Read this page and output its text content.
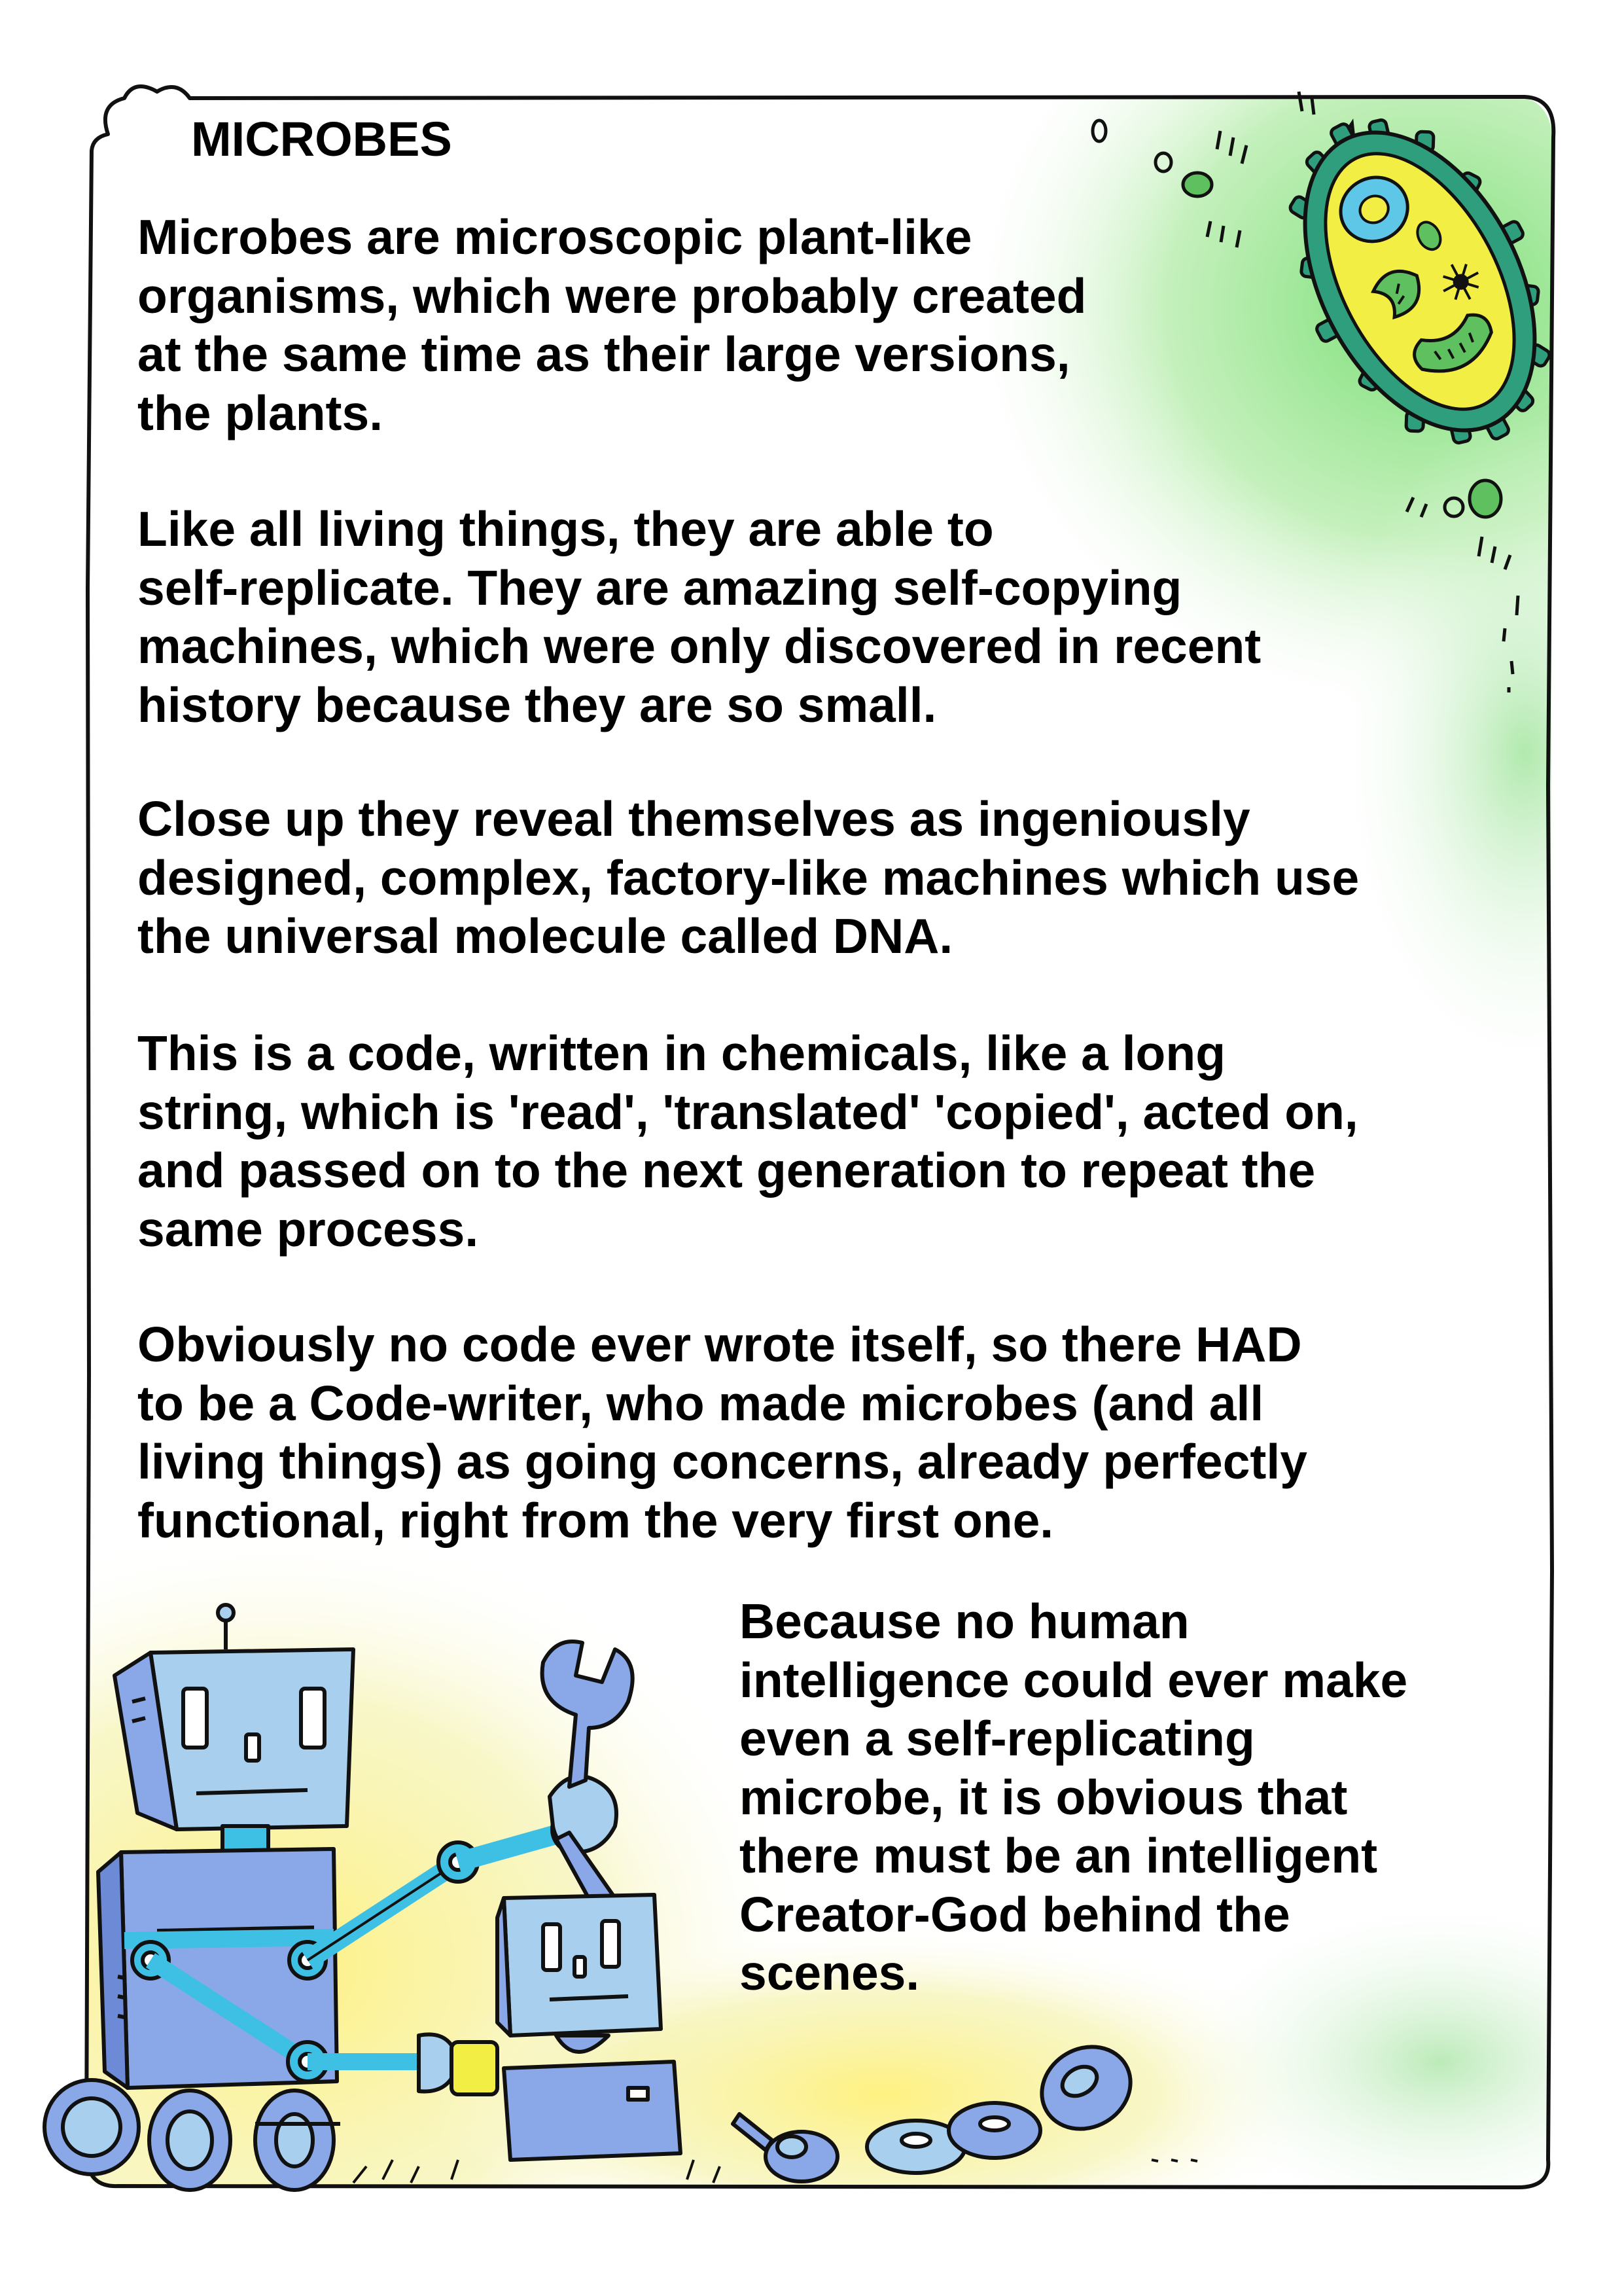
MICROBES

Microbes are microscopic plant-like
organisms, which were probably created
at the same time as their large versions,
the plants.

Like all living things, they are able to
self-replicate. They are amazing self-copying
machines, which were only discovered in recent
history because they are so small.

Close up they reveal themselves as ingeniously
designed, complex, factory-like machines which use
the universal molecule called DNA.

This is a code, written in chemicals, like a long
string, which is 'read', 'translated' 'copied', acted on,
and passed on to the next generation to repeat the
same process.

Obviously no code ever wrote itself, so there HAD
to be a Code-writer, who made microbes (and all
living things) as going concerns, already perfectly
functional, right from the very first one.

Because no human
intelligence could ever make
even a self-replicating
microbe, it is obvious that
there must be an intelligent
Creator-God behind the
scenes.
